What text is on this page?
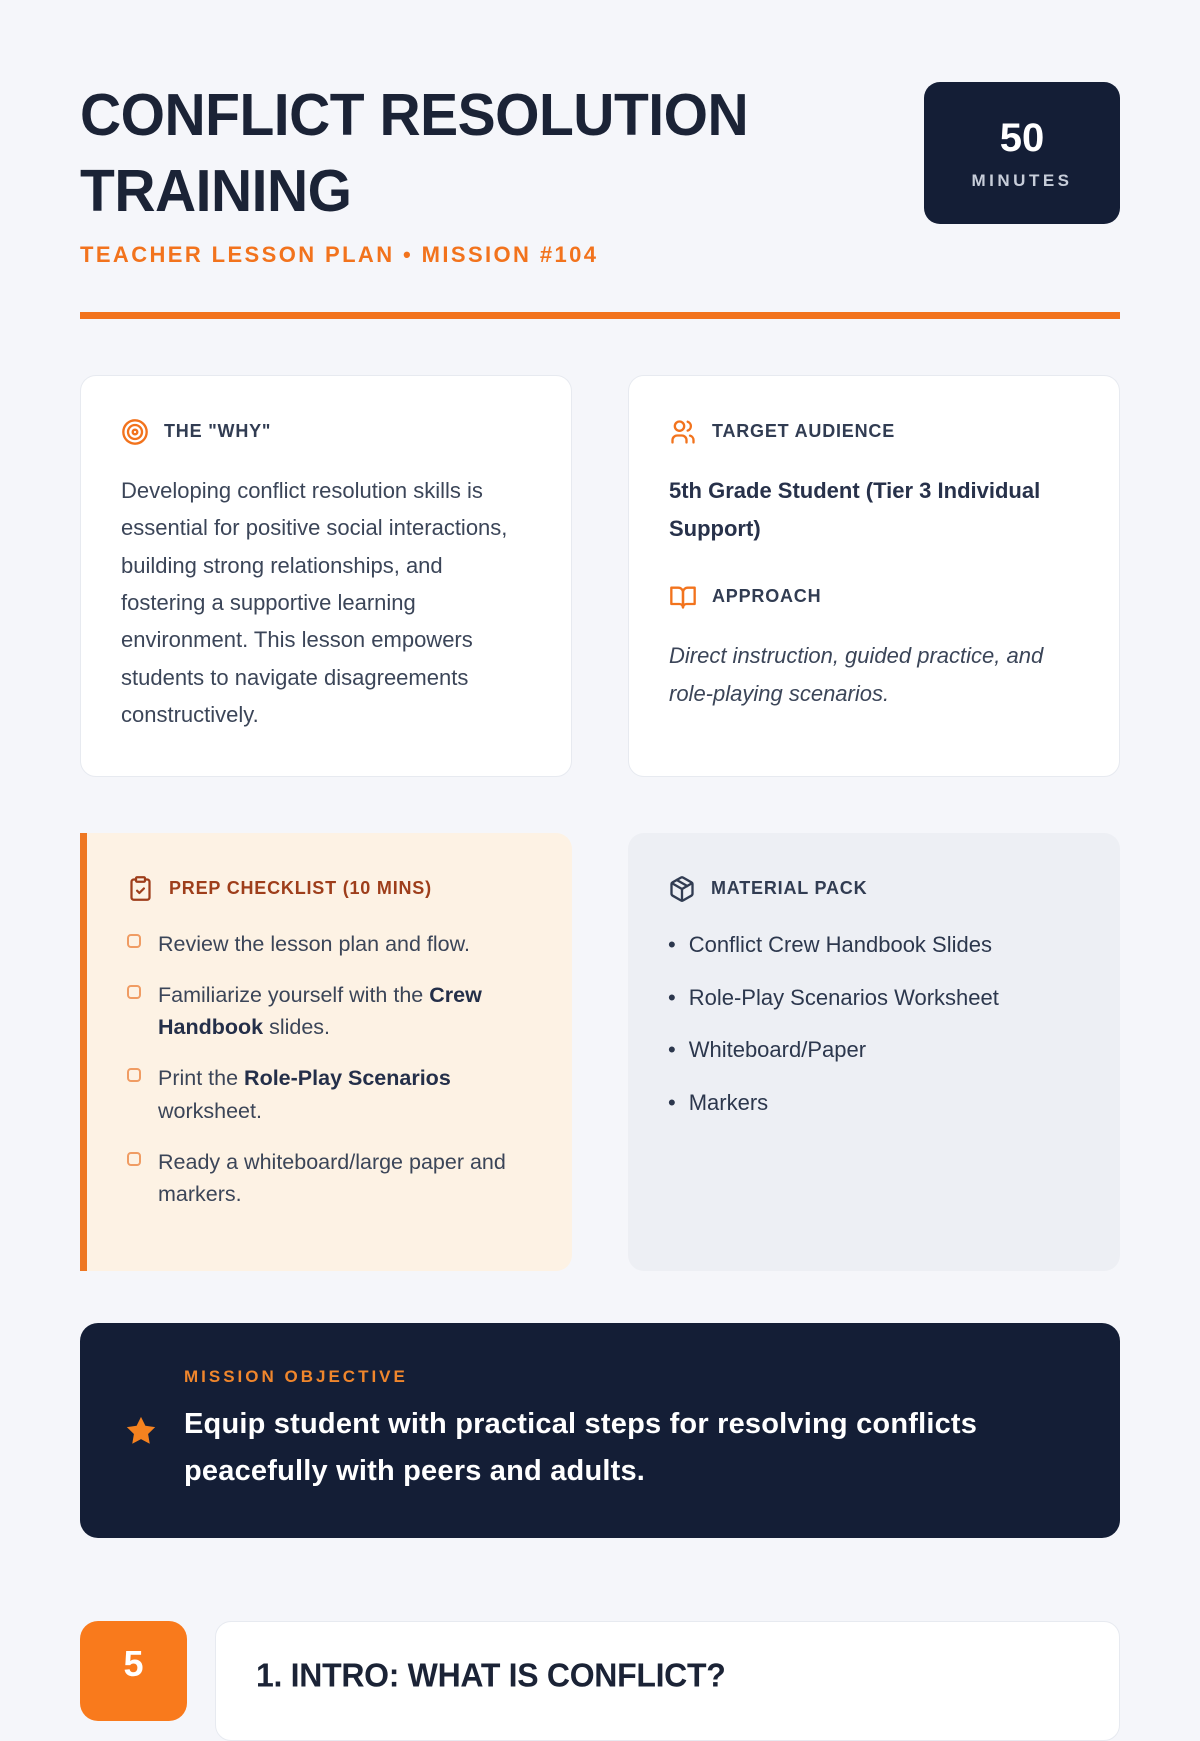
CONFLICT RESOLUTION
TRAINING
TEACHER LESSON PLAN • MISSION #104
50
MINUTES
THE "WHY"

Developing conflict resolution skills is essential for positive social interactions, building strong relationships, and fostering a supportive learning environment. This lesson empowers students to navigate disagreements constructively.

TARGET AUDIENCE

5th Grade Student (Tier 3 Individual Support)

APPROACH

Direct instruction, guided practice, and role-playing scenarios.

PREP CHECKLIST (10 MINS)
Review the lesson plan and flow.
Familiarize yourself with the Crew Handbook slides.
Print the Role-Play Scenarios worksheet.
Ready a whiteboard/large paper and markers.
MATERIAL PACK
• Conflict Crew Handbook Slides
• Role-Play Scenarios Worksheet
• Whiteboard/Paper
• Markers
MISSION OBJECTIVE
Equip student with practical steps for resolving conflicts peacefully with peers and adults.
5	1. INTRO: WHAT IS CONFLICT?
